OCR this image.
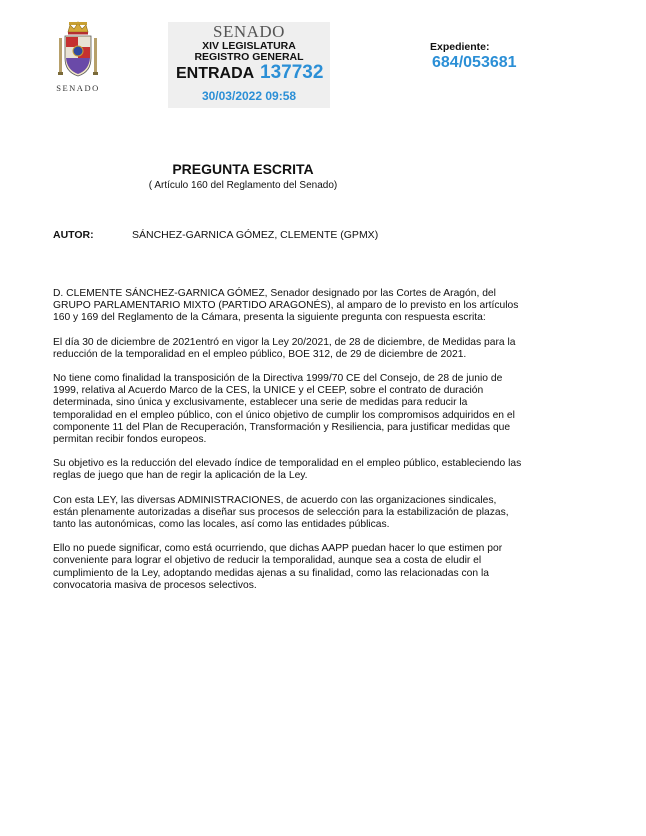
SENADO
SENADO
XIV LEGISLATURA
REGISTRO GENERAL
ENTRADA 137732
30/03/2022 09:58
Expediente:
684/053681
PREGUNTA ESCRITA
( Artículo 160 del Reglamento del Senado)
AUTOR:	SÁNCHEZ-GARNICA GÓMEZ, CLEMENTE (GPMX)

D. CLEMENTE SÁNCHEZ-GARNICA GÓMEZ, Senador designado por las Cortes de Aragón, del GRUPO PARLAMENTARIO MIXTO (PARTIDO ARAGONÉS), al amparo de lo previsto en los artículos 160 y 169 del Reglamento de la Cámara, presenta la siguiente pregunta con respuesta escrita:

El día 30 de diciembre de 2021entró en vigor la Ley 20/2021, de 28 de diciembre, de Medidas para la reducción de la temporalidad en el empleo público, BOE 312, de 29 de diciembre de 2021.

No tiene como finalidad la transposición de la Directiva 1999/70 CE del Consejo, de 28 de junio de 1999, relativa al Acuerdo Marco de la CES, la UNICE y el CEEP, sobre el contrato de duración determinada, sino única y exclusivamente, establecer una serie de medidas para reducir la temporalidad en el empleo público, con el único objetivo de cumplir los compromisos adquiridos en el componente 11 del Plan de Recuperación, Transformación y Resiliencia, para justificar medidas que permitan recibir fondos europeos.

Su objetivo es la reducción del elevado índice de temporalidad en el empleo público, estableciendo las reglas de juego que han de regir la aplicación de la Ley.

Con esta LEY, las diversas ADMINISTRACIONES, de acuerdo con las organizaciones sindicales, están plenamente autorizadas a diseñar sus procesos de selección para la estabilización de plazas, tanto las autonómicas, como las locales, así como las entidades públicas.

Ello no puede significar, como está ocurriendo, que dichas AAPP puedan hacer lo que estimen por conveniente para lograr el objetivo de reducir la temporalidad, aunque sea a costa de eludir el cumplimiento de la Ley, adoptando medidas ajenas a su finalidad, como las relacionadas con la convocatoria masiva de procesos selectivos.
